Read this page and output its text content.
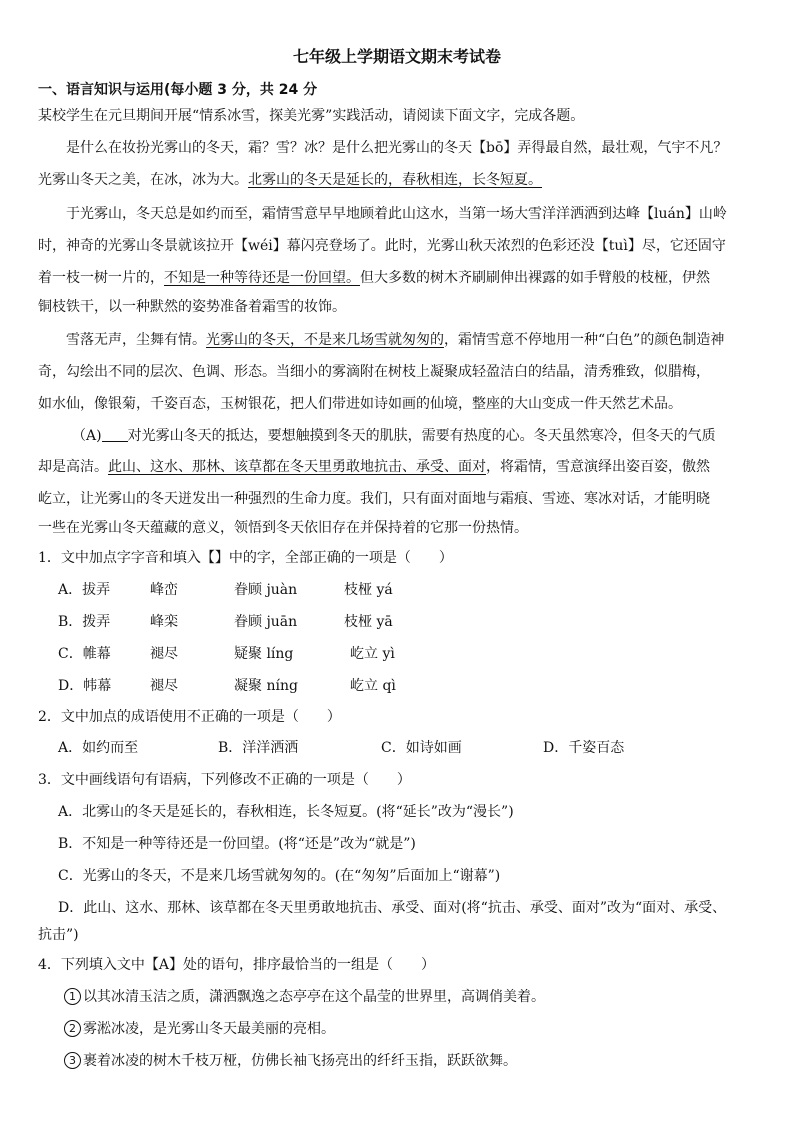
七年级上学期语文期末考试卷
一、语言知识与运用(每小题 3 分，共 24 分
某校学生在元旦期间开展“情系冰雪，探美光雾”实践活动，请阅读下面文字，完成各题。
是什么在妆扮光雾山的冬天，霜？雪？冰？是什么把光雾山的冬天【bō】弄得最自然，最壮观，气宇不凡？
光雾山冬天之美，在冰，冰为大。北雾山的冬天是延长的，春秋相连，长冬短夏。
于光雾山，冬天总是如约而至，霜情雪意早早地顾着此山这水，当第一场大雪洋洋洒洒到达峰【luán】山岭
时，神奇的光雾山冬景就该拉开【wéi】幕闪亮登场了。此时，光雾山秋天浓烈的色彩还没【tuì】尽，它还固守
着一枝一树一片的，不知是一种等待还是一份回望。但大多数的树木齐刷刷伸出裸露的如手臂般的枝桠，伊然
铜枝铁干，以一种默然的姿势准备着霜雪的妆饰。
雪落无声，尘舞有情。光雾山的冬天，不是来几场雪就匆匆的，霜情雪意不停地用一种“白色”的颜色制造神
奇，勾绘出不同的层次、色调、形态。当细小的雾滴附在树枝上凝聚成轻盈洁白的结晶，清秀雅致，似腊梅，
如水仙，像银菊，千姿百态，玉树银花，把人们带进如诗如画的仙境，整座的大山变成一件天然艺术品。
（A) 对光雾山冬天的抵达，要想触摸到冬天的肌肤，需要有热度的心。冬天虽然寒冷，但冬天的气质
却是高洁。此山、这水、那林、该草都在冬天里勇敢地抗击、承受、面对，将霜情，雪意演绎出姿百姿，傲然
屹立，让光雾山的冬天迸发出一种强烈的生命力度。我们，只有面对面地与霜痕、雪迹、寒冰对话，才能明晓
一些在光雾山冬天蕴藏的意义，领悟到冬天依旧存在并保持着的它那一份热情。
1．文中加点字字音和填入【】中的字，全部正确的一项是（　　）
A．拔弄	峰峦	眷顾 juàn	枝桠 yá
B．拨弄	峰栾	眷顾 juān	枝桠 yā
C．帷幕	褪尽	疑聚 líng	屹立 yì
D．帏幕	褪尽	凝聚 níng	屹立 qì
2．文中加点的成语使用不正确的一项是（　　）
A．如约而至	B．洋洋洒洒	C．如诗如画	D．千姿百态
3．文中画线语句有语病，下列修改不正确的一项是（　　）
A．北雾山的冬天是延长的，春秋相连，长冬短夏。(将“延长”改为“漫长”)
B．不知是一种等待还是一份回望。(将“还是”改为“就是”)
C．光雾山的冬天，不是来几场雪就匆匆的。(在“匆匆”后面加上“谢幕”)
D．此山、这水、那林、该草都在冬天里勇敢地抗击、承受、面对(将“抗击、承受、面对”改为“面对、承受、
抗击”)
4．下列填入文中【A】处的语句，排序最恰当的一组是（　　）
1 以其冰清玉洁之质，潇洒飘逸之态亭亭在这个晶莹的世界里，高调俏美着。
2 雾淞冰凌，是光雾山冬天最美丽的亮相。
3 裹着冰凌的树木千枝万桠，仿佛长袖飞扬亮出的纤纤玉指，跃跃欲舞。
